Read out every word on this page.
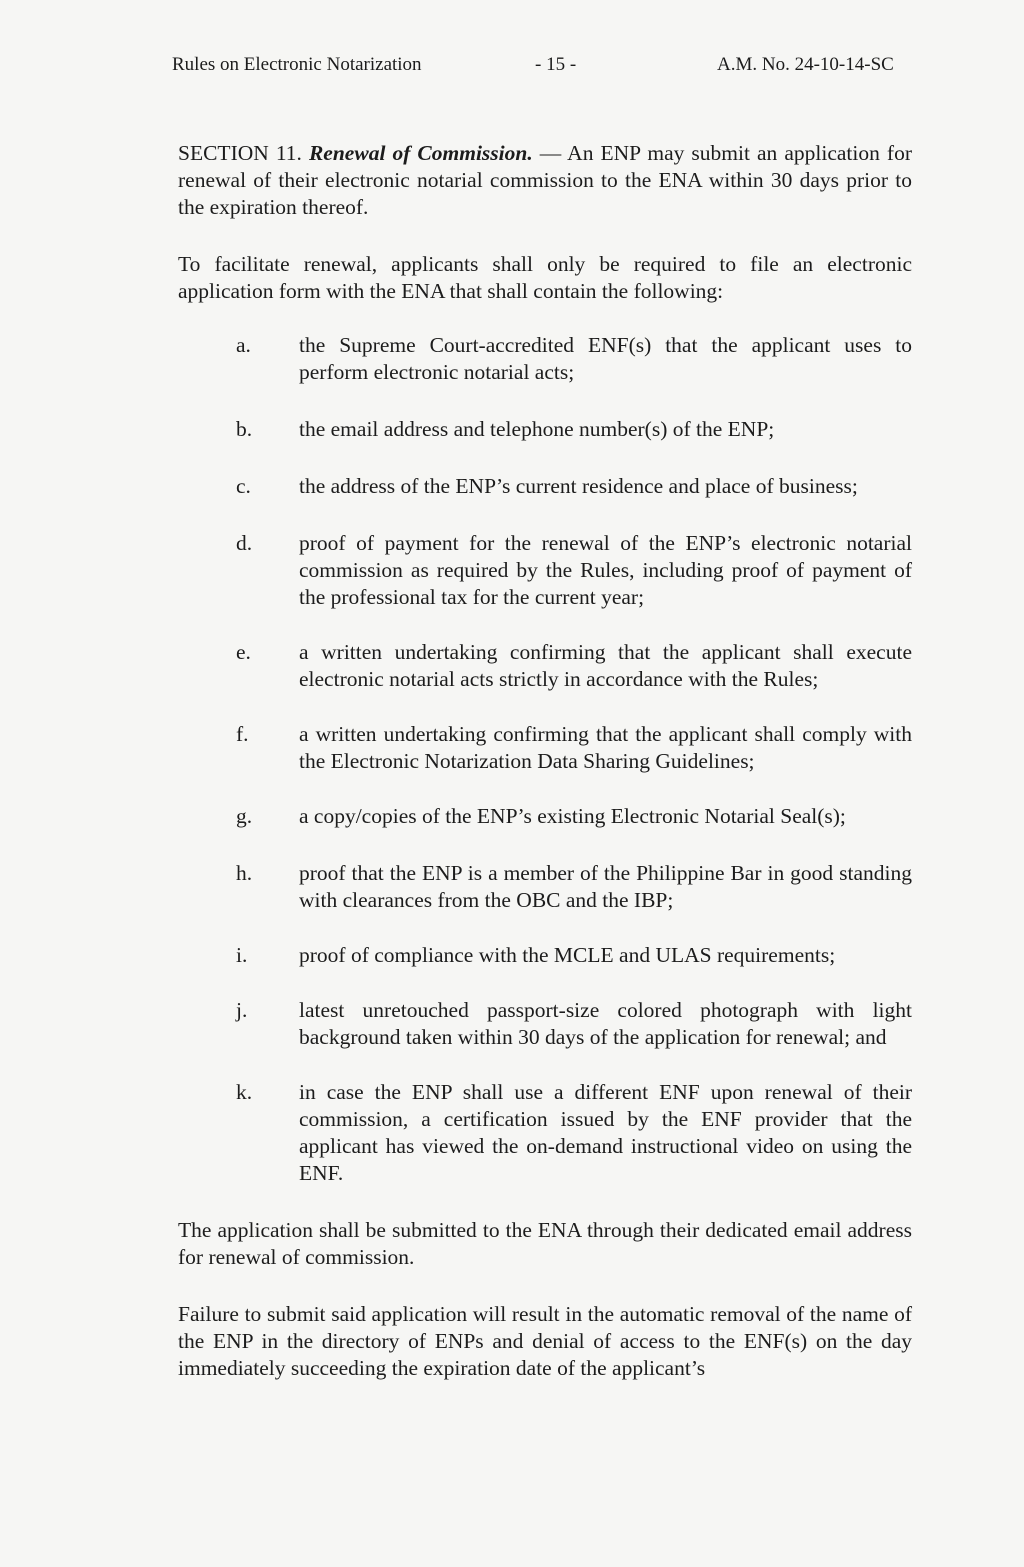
Rules on Electronic Notarization	- 15 -	A.M. No. 24-10-14-SC

SECTION 11. Renewal of Commission. — An ENP may submit an application for renewal of their electronic notarial commission to the ENA within 30 days prior to the expiration thereof.

To facilitate renewal, applicants shall only be required to file an electronic application form with the ENA that shall contain the following:

a. the Supreme Court-accredited ENF(s) that the applicant uses to perform electronic notarial acts;
b. the email address and telephone number(s) of the ENP;
c. the address of the ENP’s current residence and place of business;
d. proof of payment for the renewal of the ENP’s electronic notarial commission as required by the Rules, including proof of payment of the professional tax for the current year;
e. a written undertaking confirming that the applicant shall execute electronic notarial acts strictly in accordance with the Rules;
f. a written undertaking confirming that the applicant shall comply with the Electronic Notarization Data Sharing Guidelines;
g. a copy/copies of the ENP’s existing Electronic Notarial Seal(s);
h. proof that the ENP is a member of the Philippine Bar in good standing with clearances from the OBC and the IBP;
i. proof of compliance with the MCLE and ULAS requirements;
j. latest unretouched passport-size colored photograph with light background taken within 30 days of the application for renewal; and
k. in case the ENP shall use a different ENF upon renewal of their commission, a certification issued by the ENF provider that the applicant has viewed the on-demand instructional video on using the ENF.

The application shall be submitted to the ENA through their dedicated email address for renewal of commission.

Failure to submit said application will result in the automatic removal of the name of the ENP in the directory of ENPs and denial of access to the ENF(s) on the day immediately succeeding the expiration date of the applicant’s
